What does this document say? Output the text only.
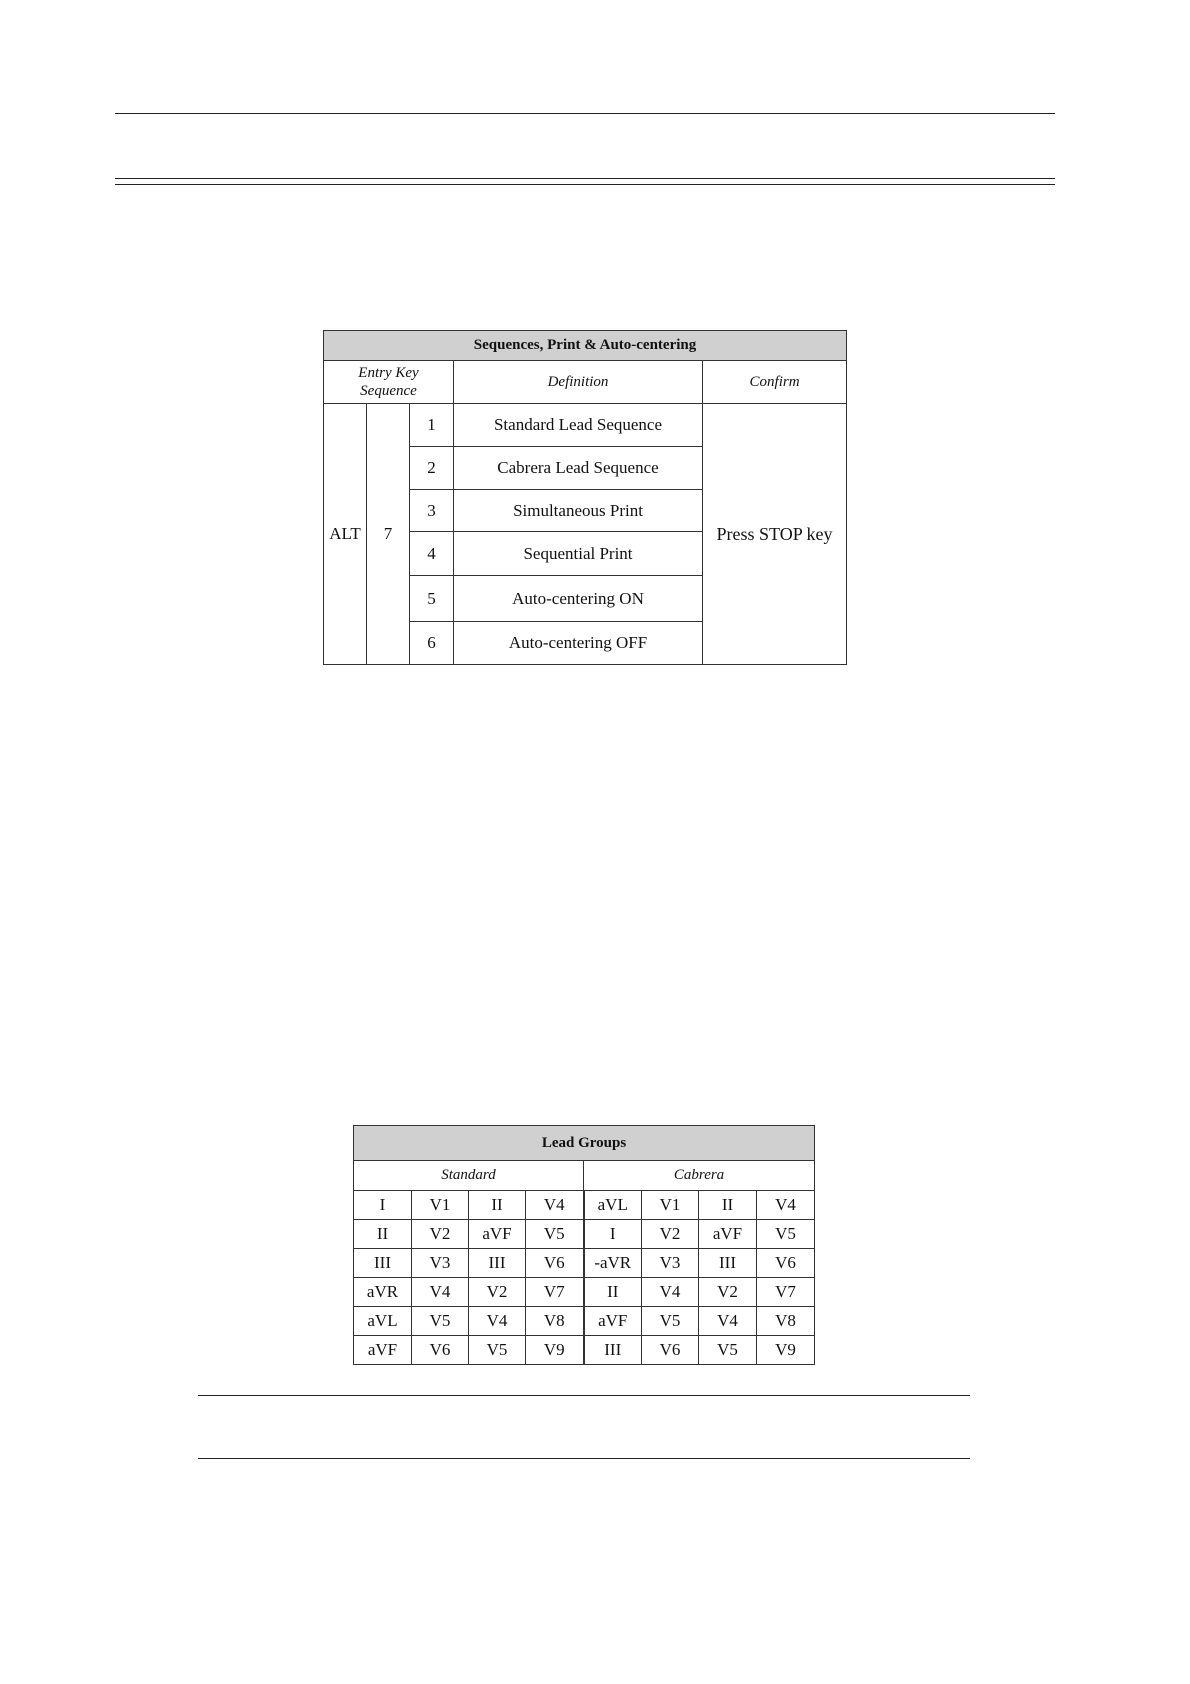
Sequences, Print & Auto-centering				
Entry Key
Sequence			Definition	Confirm
ALT	7	1	Standard Lead Sequence	Press STOP key
		2	Cabrera Lead Sequence	
		3	Simultaneous Print	
		4	Sequential Print	
		5	Auto-centering ON	
		6	Auto-centering OFF	
Lead Groups							
Standard				Cabrera			
I	V1	II	V4	aVL	V1	II	V4
II	V2	aVF	V5	I	V2	aVF	V5
III	V3	III	V6	-aVR	V3	III	V6
aVR	V4	V2	V7	II	V4	V2	V7
aVL	V5	V4	V8	aVF	V5	V4	V8
aVF	V6	V5	V9	III	V6	V5	V9
